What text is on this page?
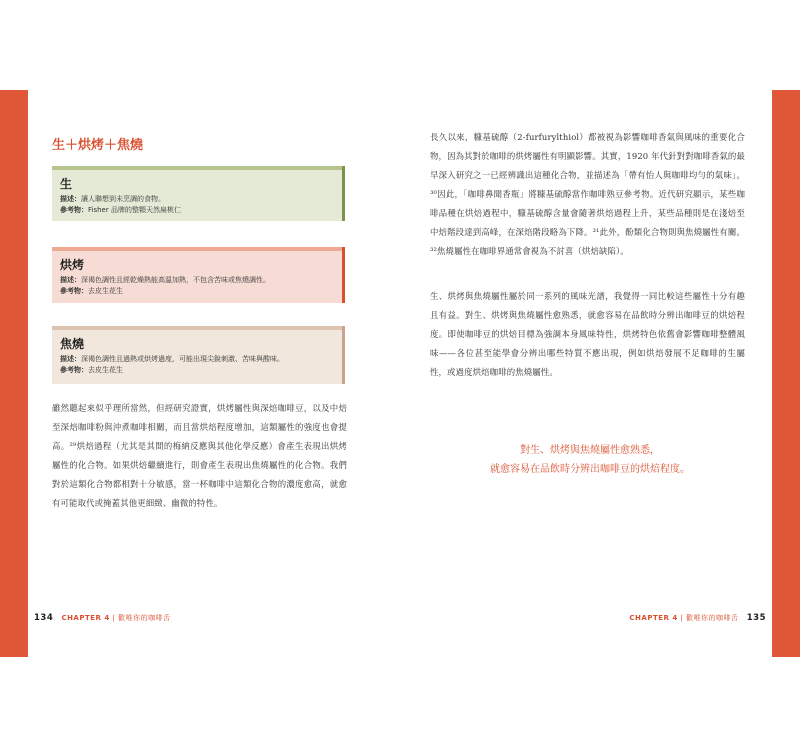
生＋烘烤＋焦燒
生
描述：讓人聯想到未烹調的食物。
參考物：Fisher 品牌的整顆天然扁桃仁
烘烤
描述：深褐色調性且經乾燥熱能高溫加熱，不包含苦味或焦燒調性。
參考物：去皮生花生
焦燒
描述：深褐色調性且過熱或烘烤過度，可能出現尖銳刺激、苦味與酸味。
參考物：去皮生花生
雖然聽起來似乎理所當然，但經研究證實，烘烤屬性與深焙咖啡豆，以及中焙至深焙咖啡粉與沖煮咖啡相關，而且當烘焙程度增加，這類屬性的強度也會提高。²⁹烘焙過程（尤其是其間的梅納反應與其他化學反應）會產生表現出烘烤屬性的化合物。如果烘焙繼續進行，則會產生表現出焦燒屬性的化合物。我們對於這類化合物都相對十分敏感，當一杯咖啡中這類化合物的濃度愈高，就愈有可能取代或掩蓋其他更細緻、幽微的特性。
134 CHAPTER 4 | 歡唯你的咖啡舌
長久以來，糠基硫醇（2-furfurylthiol）都被視為影響咖啡香氣與風味的重要化合物，因為其對於咖啡的烘烤屬性有明顯影響。其實，1920 年代針對對咖啡香氣的最早深入研究之一已經辨識出這種化合物，並描述為「帶有怡人與咖啡均勻的氣味」。³⁰因此，「咖啡鼻聞香瓶」將糠基硫醇當作咖啡熟豆參考物。近代研究顯示，某些咖啡品種在烘焙過程中，糠基硫醇含量會隨著烘焙過程上升，某些品種則是在淺焙至中焙階段達到高峰，在深焙階段略為下降。³¹此外，酚類化合物則與焦燒屬性有關。³²焦燒屬性在咖啡界通常會視為不討喜（烘焙缺陷）。
生、烘烤與焦燒屬性屬於同一系列的風味光譜，我覺得一同比較這些屬性十分有趣且有益。對生、烘烤與焦燒屬性愈熟悉，就愈容易在品飲時分辨出咖啡豆的烘焙程度。即使咖啡豆的烘焙目標為強調本身風味特性，烘烤特色依舊會影響咖啡整體風味——各位甚至能學會分辨出哪些特質不應出現，例如烘焙發展不足咖啡的生屬性，或過度烘焙咖啡的焦燒屬性。
對生、烘烤與焦燒屬性愈熟悉，
就愈容易在品飲時分辨出咖啡豆的烘焙程度。
CHAPTER 4 | 歡唯你的咖啡舌 135
